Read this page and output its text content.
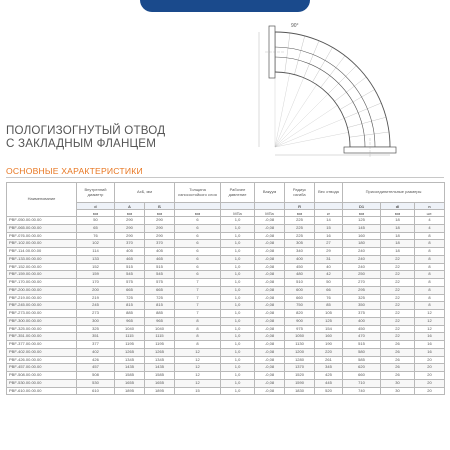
90°
ПОЛОГИЗОГНУТЫЙ ОТВОД
С ЗАКЛАДНЫМ ФЛАНЦЕМ
ОСНОВНЫЕ ХАРАКТЕРИСТИКИ
Наименование	Внутренний диаметр	АхБ, мм		Толщина износостойкого слоя	Рабочее давление	Вакуум	Радиус изгиба	Вес отвода	Присоединительные размеры		
	d	A	Б				R		D1	dl	n
	мм	мм	мм	мм	МПа	МПа	мм	кг	мм	мм	шт.
PBF-050.00.00.00	50	290	290	6	1,0	-0,08	225	14	125	18	4
PBF-065.00.00.00	65	290	290	6	1,0	-0,08	225	15	145	18	4
PBF-076.00.00.00	76	290	290	6	1,0	-0,08	225	16	160	18	8
PBF-102.00.00.00	102	370	370	6	1,0	-0,08	305	27	180	18	8
PBF-114.00.00.00	114	405	405	6	1,0	-0,08	340	29	240	18	8
PBF-133.00.00.00	133	465	465	6	1,0	-0,08	400	31	240	22	8
PBF-152.00.00.00	152	515	515	6	1,0	-0,08	450	40	240	22	8
PBF-159.00.00.00	159	545	545	6	1,0	-0,08	480	42	250	22	8
PBF-170.00.00.00	170	575	575	7	1,0	-0,08	510	50	270	22	8
PBF-200.00.00.00	200	665	665	7	1,0	-0,08	600	66	295	22	8
PBF-219.00.00.00	219	725	725	7	1,0	-0,08	660	76	325	22	8
PBF-245.00.00.00	245	815	815	7	1,0	-0,08	750	85	350	22	8
PBF-273.00.00.00	273	885	885	7	1,0	-0,08	820	105	375	22	12
PBF-300.00.00.00	300	965	965	8	1,0	-0,08	900	125	400	22	12
PBF-325.00.00.00	325	1040	1040	8	1,0	-0,08	975	154	450	22	12
PBF-351.00.00.00	351	1115	1115	8	1,0	-0,08	1050	160	470	22	16
PBF-377.00.00.00	377	1195	1195	8	1,0	-0,08	1130	190	515	26	16
PBF-402.00.00.00	402	1265	1265	12	1,0	-0,08	1200	220	580	26	16
PBF-426.00.00.00	426	1345	1345	12	1,0	-0,08	1280	261	585	26	20
PBF-457.00.00.00	457	1435	1435	12	1,0	-0,08	1370	345	620	26	20
PBF-508.00.00.00	508	1585	1585	12	1,0	-0,08	1520	425	660	26	20
PBF-530.00.00.00	530	1655	1655	12	1,0	-0,08	1590	445	710	30	20
PBF-610.00.00.00	610	1895	1895	15	1,0	-0,08	1830	520	740	30	20
